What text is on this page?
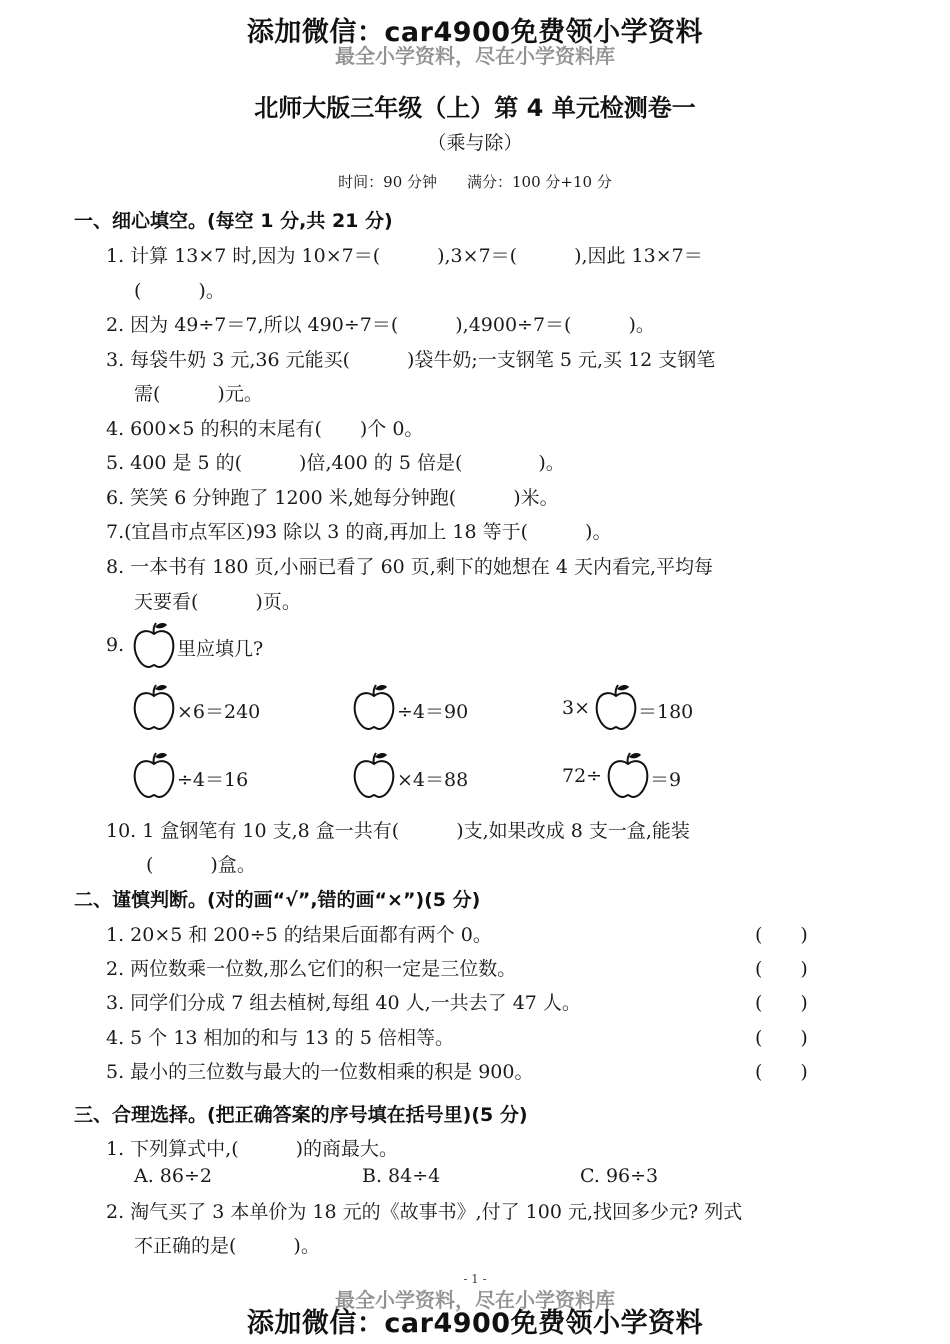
添加微信：car4900免费领小学资料
最全小学资料，尽在小学资料库
北师大版三年级（上）第 4 单元检测卷一
（乘与除）
时间：90 分钟　　满分：100 分+10 分
一、细心填空。(每空 1 分,共 21 分)
1. 计算 13×7 时,因为 10×7＝(　　　),3×7＝(　　　),因此 13×7＝
(　　　)。
2. 因为 49÷7＝7,所以 490÷7＝(　　　),4900÷7＝(　　　)。
3. 每袋牛奶 3 元,36 元能买(　　　)袋牛奶;一支钢笔 5 元,买 12 支钢笔
需(　　　)元。
4. 600×5 的积的末尾有(　　)个 0。
5. 400 是 5 的(　　　)倍,400 的 5 倍是(　　　　)。
6. 笑笑 6 分钟跑了 1200 米,她每分钟跑(　　　)米。
7.(宜昌市点军区)93 除以 3 的商,再加上 18 等于(　　　)。
8. 一本书有 180 页,小丽已看了 60 页,剩下的她想在 4 天内看完,平均每
天要看(　　　)页。
9.	里应填几?
×6＝240	÷4＝90	3×	＝180
÷4＝16	×4＝88	72÷	＝9
10. 1 盒钢笔有 10 支,8 盒一共有(　　　)支,如果改成 8 支一盒,能装
(　　　)盒。
二、谨慎判断。(对的画“√”,错的画“×”)(5 分)
1. 20×5 和 200÷5 的结果后面都有两个 0。	(　　)
2. 两位数乘一位数,那么它们的积一定是三位数。	(　　)
3. 同学们分成 7 组去植树,每组 40 人,一共去了 47 人。	(　　)
4. 5 个 13 相加的和与 13 的 5 倍相等。	(　　)
5. 最小的三位数与最大的一位数相乘的积是 900。	(　　)
三、合理选择。(把正确答案的序号填在括号里)(5 分)
1. 下列算式中,(　　　)的商最大。
A. 86÷2	B. 84÷4	C. 96÷3
2. 淘气买了 3 本单价为 18 元的《故事书》,付了 100 元,找回多少元? 列式
不正确的是(　　　)。
- 1 -
最全小学资料，尽在小学资料库
添加微信：car4900免费领小学资料
